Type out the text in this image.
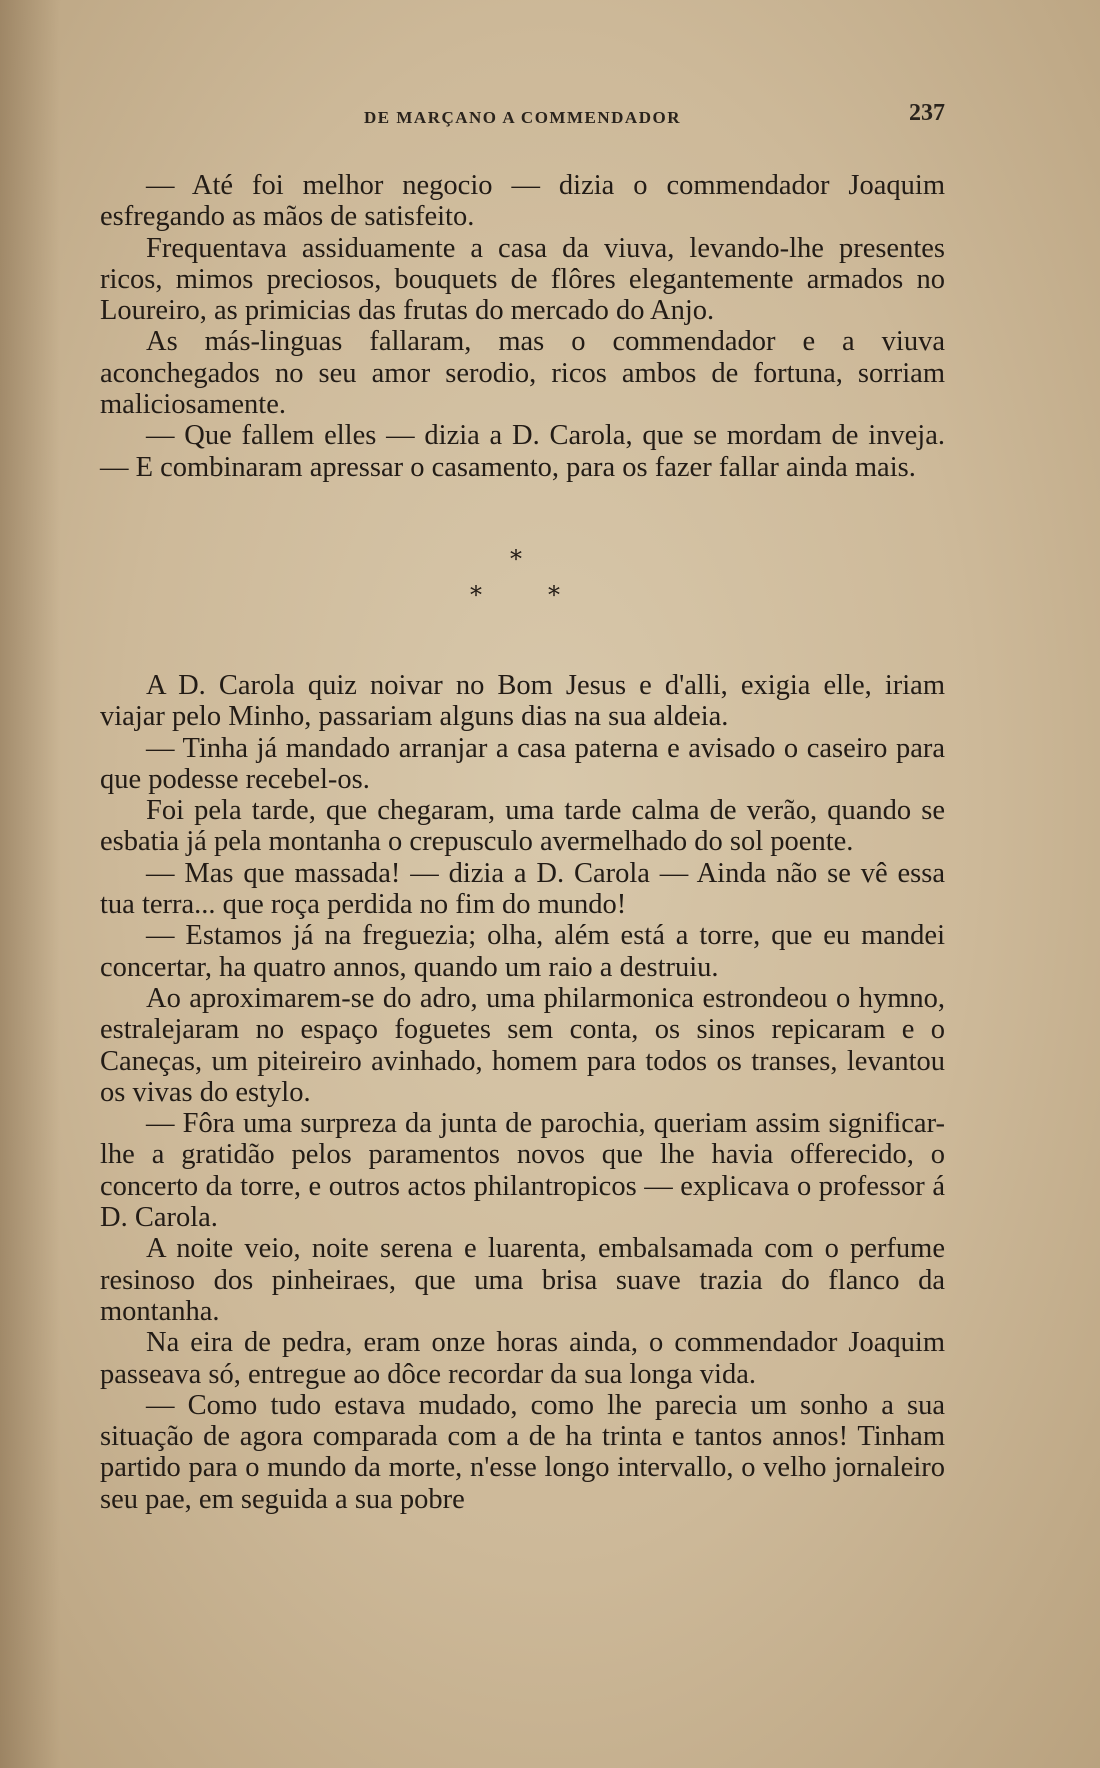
DE MARÇANO A COMMENDADOR	237

— Até foi melhor negocio — dizia o commendador Joaquim esfregando as mãos de satisfeito.

Frequentava assiduamente a casa da viuva, levando-lhe presentes ricos, mimos preciosos, bouquets de flôres elegantemente armados no Loureiro, as primicias das frutas do mercado do Anjo.

As más-linguas fallaram, mas o commendador e a viuva aconchegados no seu amor serodio, ricos ambos de fortuna, sorriam maliciosamente.

— Que fallem elles — dizia a D. Carola, que se mordam de inveja. — E combinaram apressar o casamento, para os fazer fallar ainda mais.

*
*	*

A D. Carola quiz noivar no Bom Jesus e d'alli, exigia elle, iriam viajar pelo Minho, passariam alguns dias na sua aldeia.

— Tinha já mandado arranjar a casa paterna e avisado o caseiro para que podesse recebel-os.

Foi pela tarde, que chegaram, uma tarde calma de verão, quando se esbatia já pela montanha o crepusculo avermelhado do sol poente.

— Mas que massada! — dizia a D. Carola — Ainda não se vê essa tua terra... que roça perdida no fim do mundo!

— Estamos já na freguezia; olha, além está a torre, que eu mandei concertar, ha quatro annos, quando um raio a destruiu.

Ao aproximarem-se do adro, uma philarmonica estrondeou o hymno, estralejaram no espaço foguetes sem conta, os sinos repicaram e o Caneças, um piteireiro avinhado, homem para todos os transes, levantou os vivas do estylo.

— Fôra uma surpreza da junta de parochia, queriam assim significar-lhe a gratidão pelos paramentos novos que lhe havia offerecido, o concerto da torre, e outros actos philantropicos — explicava o professor á D. Carola.

A noite veio, noite serena e luarenta, embalsamada com o perfume resinoso dos pinheiraes, que uma brisa suave trazia do flanco da montanha.

Na eira de pedra, eram onze horas ainda, o commendador Joaquim passeava só, entregue ao dôce recordar da sua longa vida.

— Como tudo estava mudado, como lhe parecia um sonho a sua situação de agora comparada com a de ha trinta e tantos annos! Tinham partido para o mundo da morte, n'esse longo intervallo, o velho jornaleiro seu pae, em seguida a sua pobre
